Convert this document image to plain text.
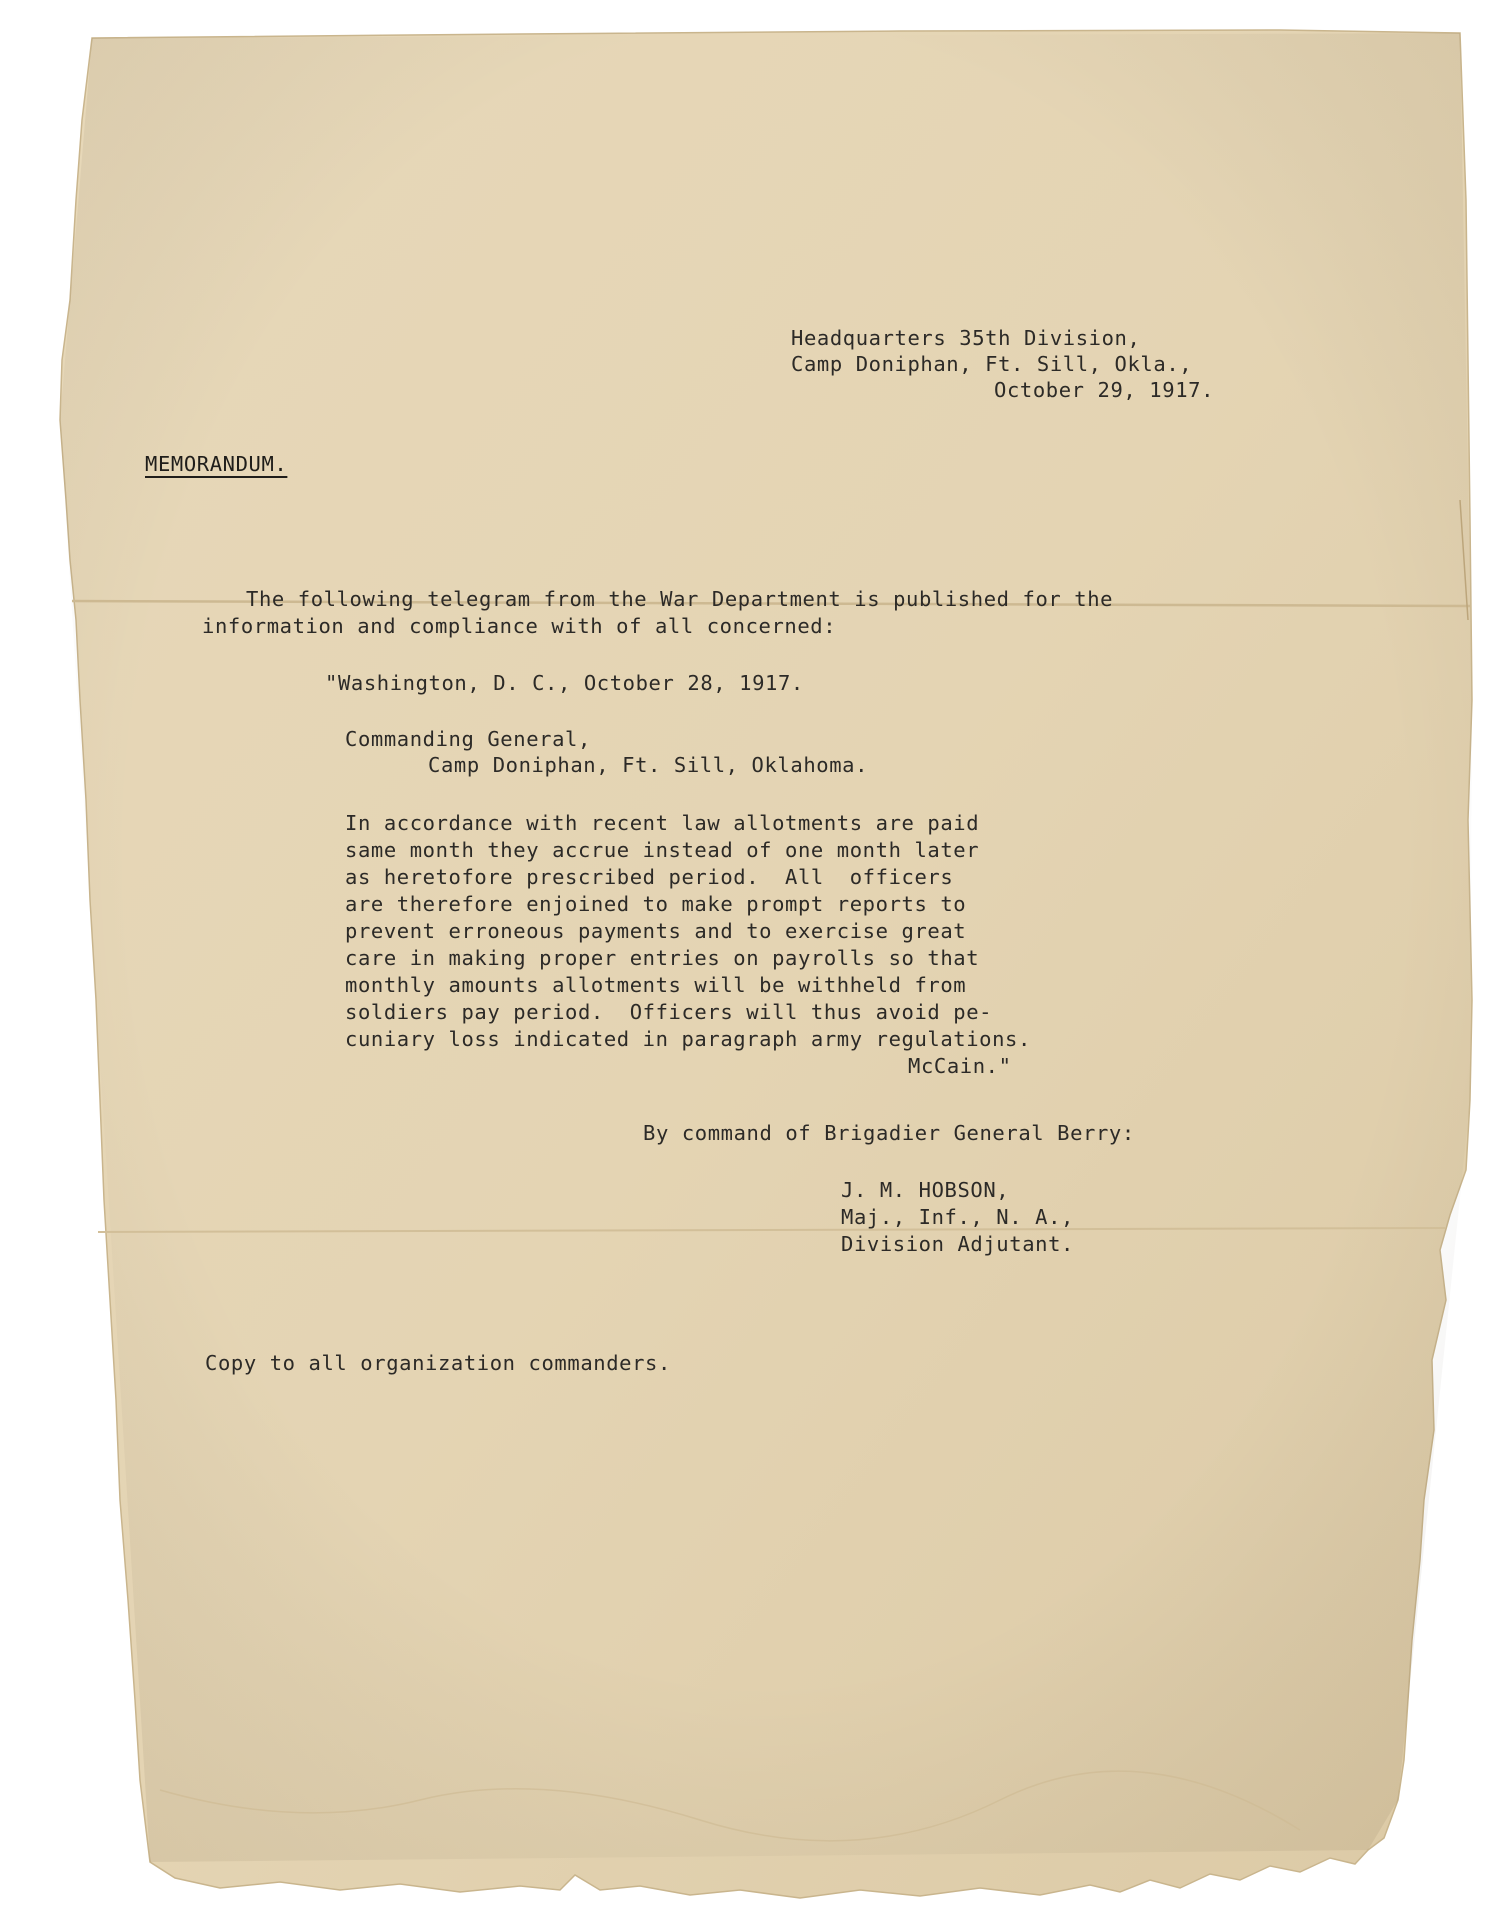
Headquarters 35th Division,

Camp Doniphan, Ft. Sill, Okla.,

October 29, 1917.

MEMORANDUM.

The following telegram from the War Department is published for the

information and compliance with of all concerned:

"Washington, D. C., October 28, 1917.

Commanding General,

Camp Doniphan, Ft. Sill, Oklahoma.

In accordance with recent law allotments are paid

same month they accrue instead of one month later

as heretofore prescribed period.  All  officers

are therefore enjoined to make prompt reports to

prevent erroneous payments and to exercise great

care in making proper entries on payrolls so that

monthly amounts allotments will be withheld from

soldiers pay period.  Officers will thus avoid pe-

cuniary loss indicated in paragraph army regulations.

McCain."

By command of Brigadier General Berry:

J. M. HOBSON,

Maj., Inf., N. A.,

Division Adjutant.

Copy to all organization commanders.
